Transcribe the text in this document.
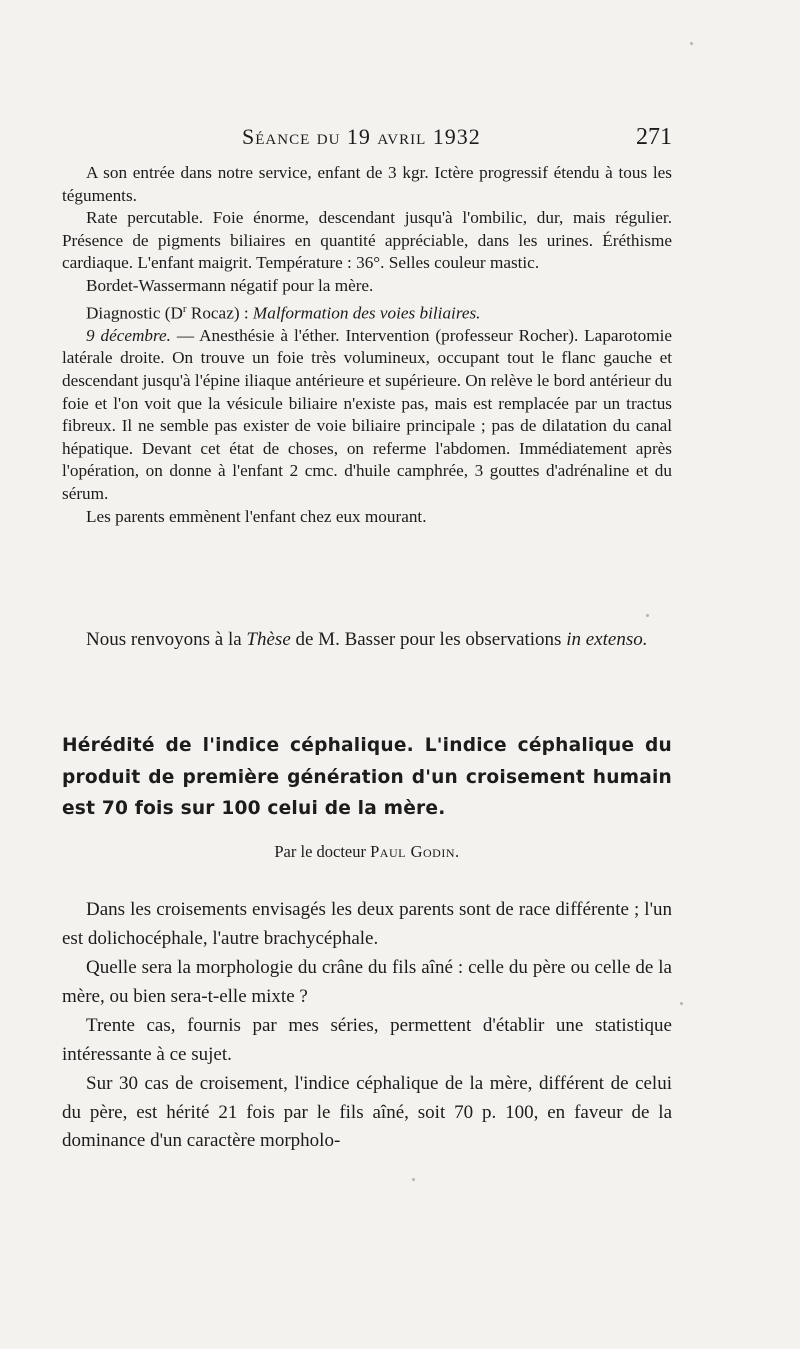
Séance du 19 avril 1932	271

A son entrée dans notre service, enfant de 3 kgr. Ictère progressif étendu à tous les téguments.

Rate percutable. Foie énorme, descendant jusqu'à l'ombilic, dur, mais régulier. Présence de pigments biliaires en quantité appréciable, dans les urines. Éréthisme cardiaque. L'enfant maigrit. Température : 36°. Selles couleur mastic.

Bordet-Wassermann négatif pour la mère.

Diagnostic ($D^r$ Rocaz) : Malformation des voies biliaires.

9 décembre. — Anesthésie à l'éther. Intervention (professeur Rocher). Laparotomie latérale droite. On trouve un foie très volumineux, occupant tout le flanc gauche et descendant jusqu'à l'épine iliaque antérieure et supérieure. On relève le bord antérieur du foie et l'on voit que la vésicule biliaire n'existe pas, mais est remplacée par un tractus fibreux. Il ne semble pas exister de voie biliaire principale ; pas de dilatation du canal hépatique. Devant cet état de choses, on referme l'abdomen. Immédiatement après l'opération, on donne à l'enfant 2 cmc. d'huile camphrée, 3 gouttes d'adrénaline et du sérum.

Les parents emmènent l'enfant chez eux mourant.

Nous renvoyons à la Thèse de M. Basser pour les observations in extenso.

Hérédité de l'indice céphalique. L'indice céphalique du produit de première génération d'un croisement humain est 70 fois sur 100 celui de la mère.

Par le docteur Paul Godin.

Dans les croisements envisagés les deux parents sont de race différente ; l'un est dolichocéphale, l'autre brachycéphale.

Quelle sera la morphologie du crâne du fils aîné : celle du père ou celle de la mère, ou bien sera-t-elle mixte ?

Trente cas, fournis par mes séries, permettent d'établir une statistique intéressante à ce sujet.

Sur 30 cas de croisement, l'indice céphalique de la mère, différent de celui du père, est hérité 21 fois par le fils aîné, soit 70 p. 100, en faveur de la dominance d'un caractère morpholo-
